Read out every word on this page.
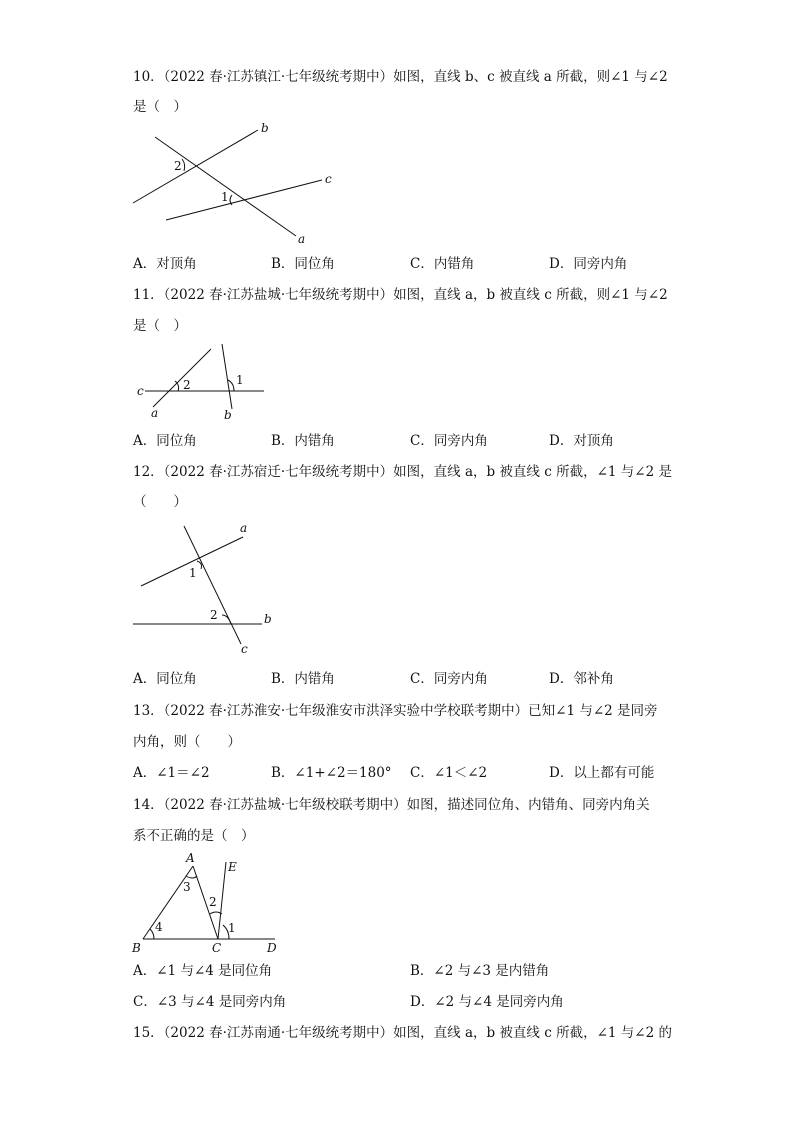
10．（2022 春·江苏镇江·七年级统考期中）如图，直线 b、c 被直线 a 所截，则∠1 与∠2
是（　）
b
c
a
2
1
A．对顶角	B．同位角	C．内错角	D．同旁内角
11．（2022 春·江苏盐城·七年级统考期中）如图，直线 a，b 被直线 c 所截，则∠1 与∠2
是（　）
c
a	b
2	1
A．同位角	B．内错角	C．同旁内角	D．对顶角
12．（2022 春·江苏宿迁·七年级统考期中）如图，直线 a，b 被直线 c 所截，∠1 与∠2 是
（　　）
a
b
c
1
2
A．同位角	B．内错角	C．同旁内角	D．邻补角
13．（2022 春·江苏淮安·七年级淮安市洪泽实验中学校联考期中）已知∠1 与∠2 是同旁
内角，则（　　）
A．∠1＝∠2	B．∠1+∠2＝180° C．∠1＜∠2	D．以上都有可能
14．（2022 春·江苏盐城·七年级校联考期中）如图，描述同位角、内错角、同旁内角关
系不正确的是（　）
A
E
B	C	D
3
2
4	1
A．∠1 与∠4 是同位角	B．∠2 与∠3 是内错角
C．∠3 与∠4 是同旁内角	D．∠2 与∠4 是同旁内角
15．（2022 春·江苏南通·七年级统考期中）如图，直线 a，b 被直线 c 所截，∠1 与∠2 的
